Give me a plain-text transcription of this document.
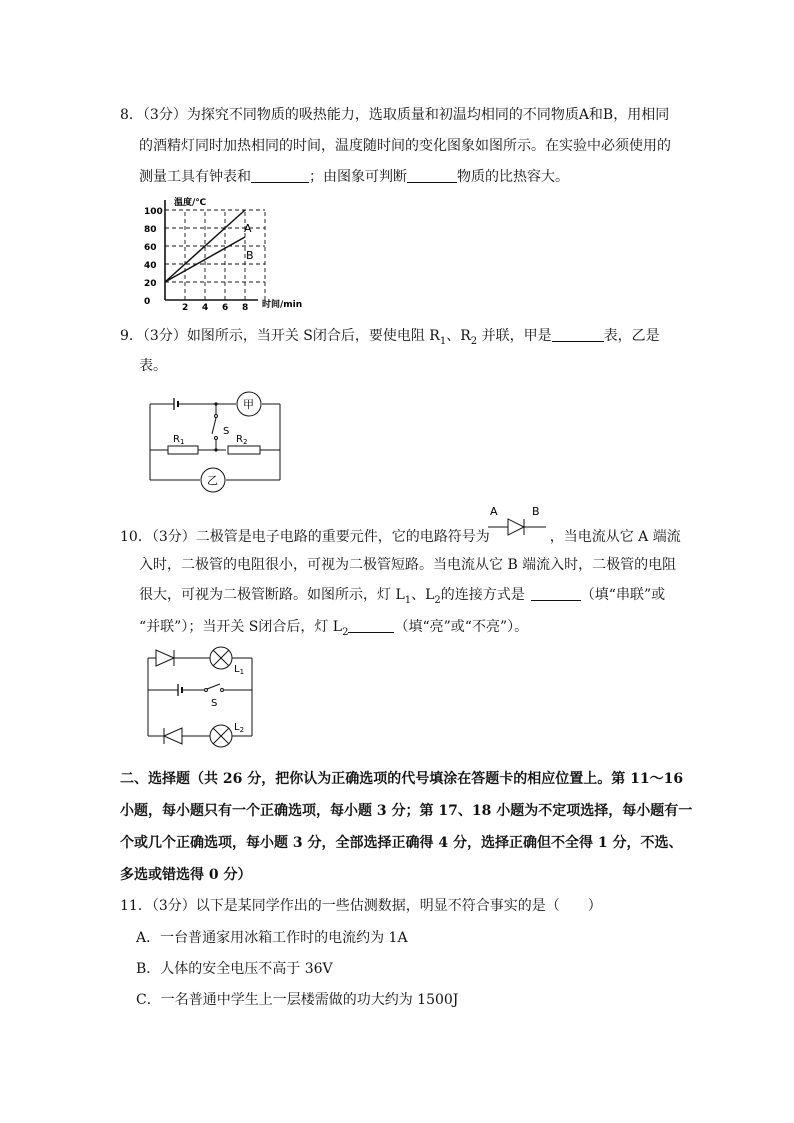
8．（3分）为探究不同物质的吸热能力，选取质量和初温均相同的不同物质A和B，用相同
的酒精灯同时加热相同的时间，温度随时间的变化图象如图所示。在实验中必须使用的
测量工具有钟表和	；由图象可判断	物质的比热容大。
温度/℃
时间/min
100
80
60
40
20
0
2 4 6 8
A
B
9．（3分）如图所示，当开关 S闭合后，要使电阻 $R_1$、$R_2$ 并联，甲是	表，乙是
表。
甲
乙
$R_1$	$R_2$
S
10．（3分）二极管是电子电路的重要元件，它的电路符号为	，当电流从它 A 端流
A	B
入时，二极管的电阻很小，可视为二极管短路。当电流从它 B 端流入时，二极管的电阻
很大，可视为二极管断路。如图所示，灯 $L_1$、$L_2$的连接方式是	（填“串联”或
“并联”）；当开关 S闭合后，灯 $L_2$	（填“亮”或“不亮”）。
$L_1$
$L_2$
S
二、选择题（共 26 分，把你认为正确选项的代号填涂在答题卡的相应位置上。第 11～16
小题，每小题只有一个正确选项，每小题 3 分；第 17、18 小题为不定项选择，每小题有一
个或几个正确选项，每小题 3 分，全部选择正确得 4 分，选择正确但不全得 1 分，不选、
多选或错选得 0 分）
11．（3分）以下是某同学作出的一些估测数据，明显不符合事实的是（　　）
A．一台普通家用冰箱工作时的电流约为 1A
B．人体的安全电压不高于 36V
C．一名普通中学生上一层楼需做的功大约为 1500J
